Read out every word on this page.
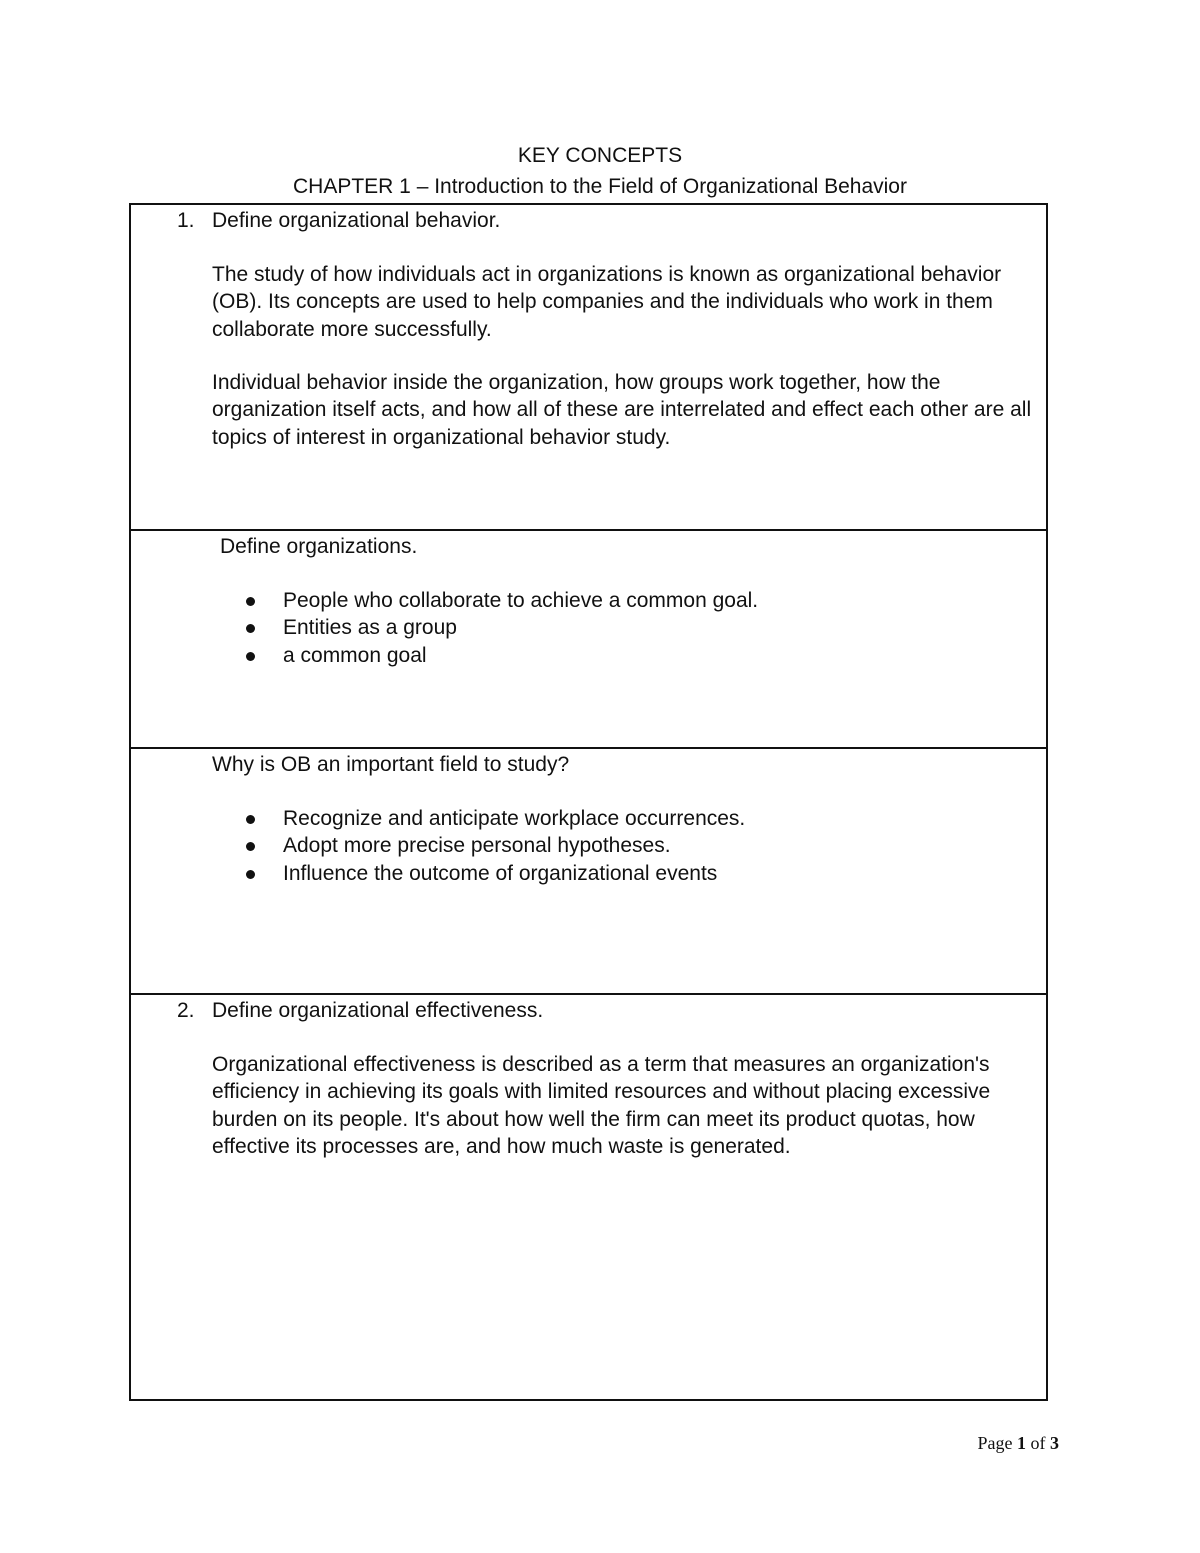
KEY CONCEPTS
CHAPTER 1 – Introduction to the Field of Organizational Behavior
1. Define organizational behavior.

The study of how individuals act in organizations is known as organizational behavior (OB). Its concepts are used to help companies and the individuals who work in them collaborate more successfully.

Individual behavior inside the organization, how groups work together, how the organization itself acts, and how all of these are interrelated and effect each other are all topics of interest in organizational behavior study.

Define organizations.
People who collaborate to achieve a common goal.
Entities as a group
a common goal
Why is OB an important field to study?
Recognize and anticipate workplace occurrences.
Adopt more precise personal hypotheses.
Influence the outcome of organizational events
2. Define organizational effectiveness.

Organizational effectiveness is described as a term that measures an organization's efficiency in achieving its goals with limited resources and without placing excessive burden on its people. It's about how well the firm can meet its product quotas, how effective its processes are, and how much waste is generated.

Page 1 of 3
